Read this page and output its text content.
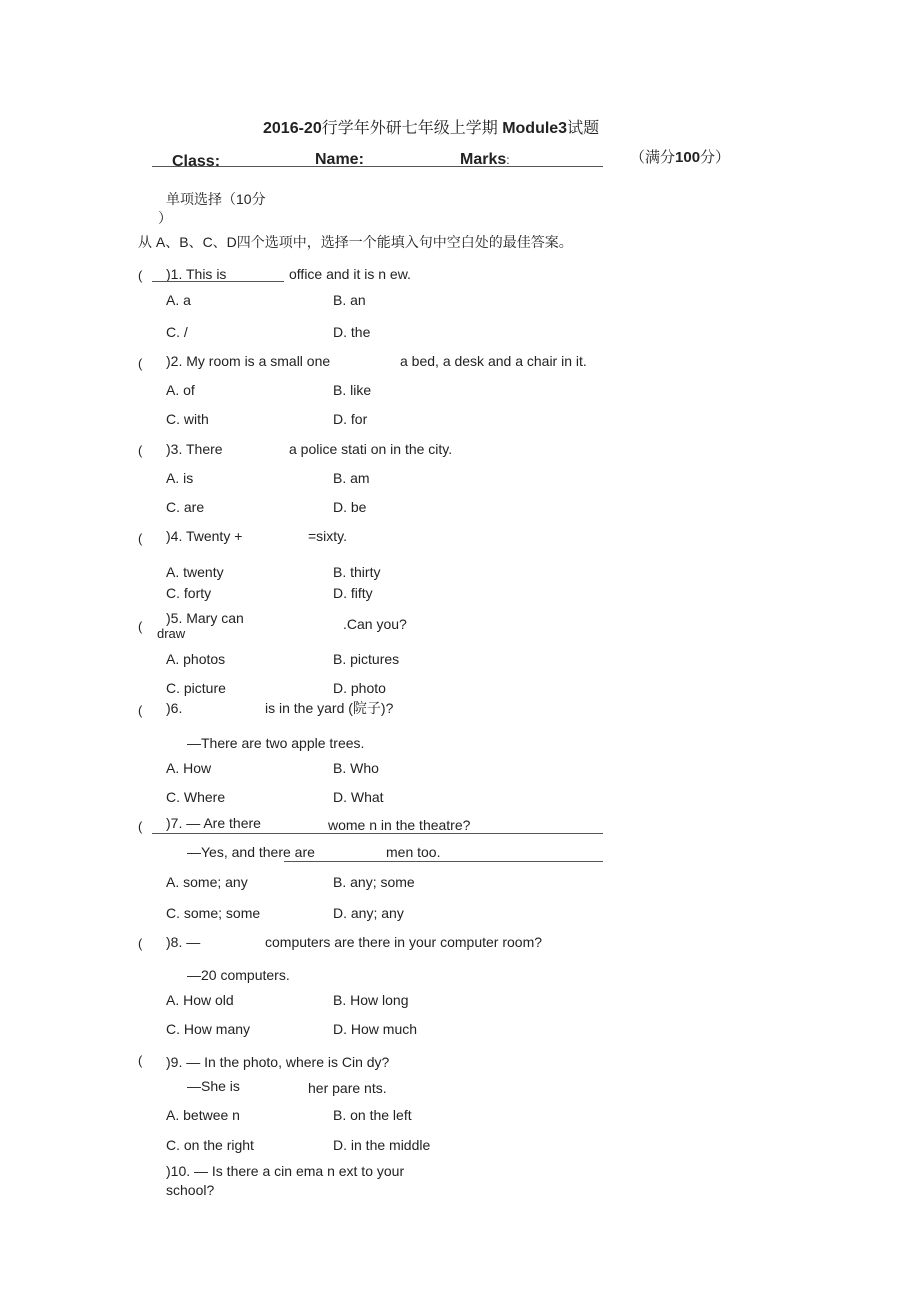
2016-20行学年外研七年级上学期 Module3试题
Class:	Name:	Marks:	（满分100分）
单项选择（10分
）
从 A、B、C、D四个选项中，选择一个能填入句中空白处的最佳答案。
( )1. This is	office and it is n ew.
A. a	B. an
C. /	D. the
( )2. My room is a small one	a bed, a desk and a chair in it.
A. of	B. like
C. with	D. for
( )3. There	a police stati on in the city.
A. is	B. am
C. are	D. be
( )4. Twenty +	=sixty.
A. twenty	B. thirty
C. forty	D. fifty
(
)5. Mary can
draw
.Can you?
A. photos	B. pictures
C. picture	D. photo
( )6.	is in the yard (院子)?
—There are two apple trees.
A. How	B. Who
C. Where	D. What
( )7. — Are there	wome n in the theatre?
—Yes, and there are	men too.
A. some; any	B. any; some
C. some; some	D. any; any
( )8. —	computers are there in your computer room?
—20 computers.
A. How old	B. How long
C. How many	D. How much
( )9. — In the photo, where is Cin dy?
—She is	her pare nts.
A. betwee n	B. on the left
C. on the right	D. in the middle
)10. — Is there a cin ema n ext to your
school?
